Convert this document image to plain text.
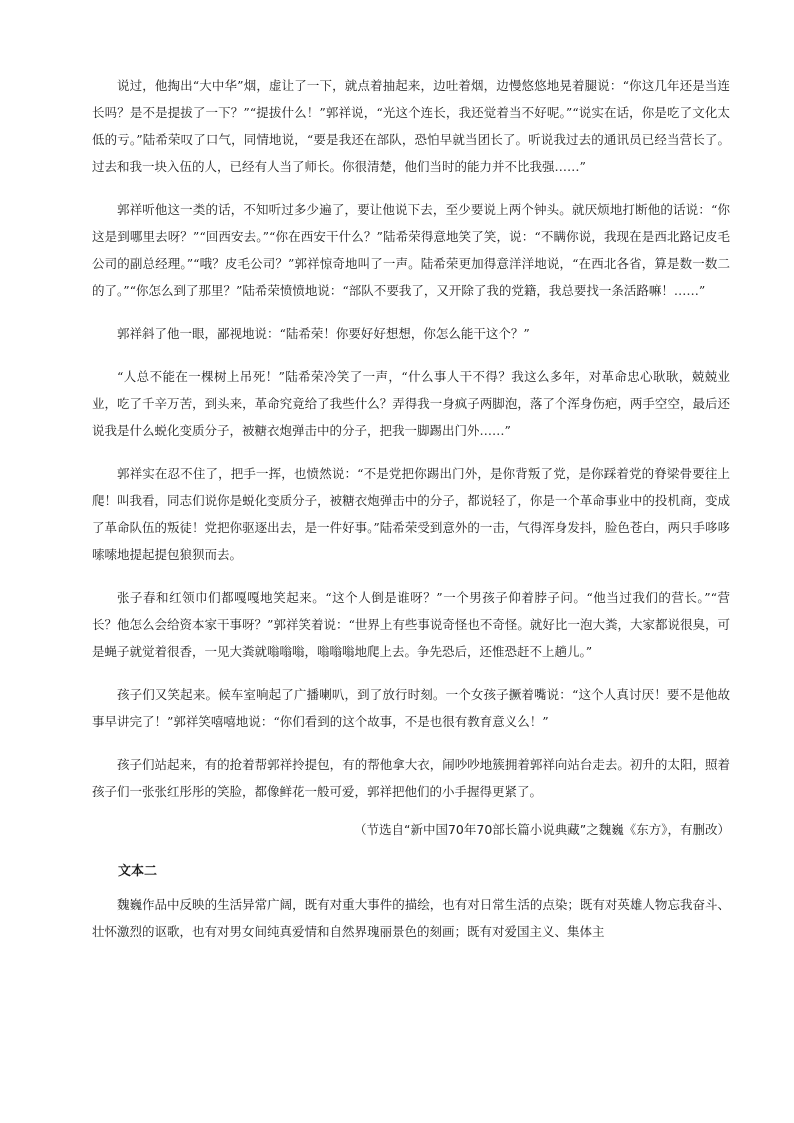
说过，他掏出“大中华”烟，虚让了一下，就点着抽起来，边吐着烟，边慢悠悠地晃着腿说：“你这几年还是当连长吗？是不是提拔了一下？”“提拔什么！”郭祥说，“光这个连长，我还觉着当不好呢。”“说实在话，你是吃了文化太低的亏。”陆希荣叹了口气，同情地说，“要是我还在部队，恐怕早就当团长了。听说我过去的通讯员已经当营长了。过去和我一块入伍的人，已经有人当了师长。你很清楚，他们当时的能力并不比我强……”

郭祥听他这一类的话，不知听过多少遍了，要让他说下去，至少要说上两个钟头。就厌烦地打断他的话说：“你这是到哪里去呀？”“回西安去。”“你在西安干什么？”陆希荣得意地笑了笑，说：“不瞒你说，我现在是西北路记皮毛公司的副总经理。”“哦？皮毛公司？”郭祥惊奇地叫了一声。陆希荣更加得意洋洋地说，“在西北各省，算是数一数二的了。”“你怎么到了那里？”陆希荣愤愤地说：“部队不要我了，又开除了我的党籍，我总要找一条活路嘛！……”

郭祥斜了他一眼，鄙视地说：“陆希荣！你要好好想想，你怎么能干这个？”

“人总不能在一棵树上吊死！”陆希荣冷笑了一声，“什么事人干不得？我这么多年，对革命忠心耿耿，兢兢业业，吃了千辛万苦，到头来，革命究竟给了我些什么？弄得我一身疯子两脚泡，落了个浑身伤疤，两手空空，最后还说我是什么蜕化变质分子，被糖衣炮弹击中的分子，把我一脚踢出门外……”

郭祥实在忍不住了，把手一挥，也愤然说：“不是党把你踢出门外，是你背叛了党，是你踩着党的脊梁骨要往上爬！叫我看，同志们说你是蜕化变质分子，被糖衣炮弹击中的分子，都说轻了，你是一个革命事业中的投机商，变成了革命队伍的叛徒！党把你驱逐出去，是一件好事。”陆希荣受到意外的一击，气得浑身发抖，脸色苍白，两只手哆哆嗦嗦地提起提包狼狈而去。

张子春和红领巾们都嘎嘎地笑起来。“这个人倒是谁呀？”一个男孩子仰着脖子问。“他当过我们的营长。”“营长？他怎么会给资本家干事呀？”郭祥笑着说：“世界上有些事说奇怪也不奇怪。就好比一泡大粪，大家都说很臭，可是蝇子就觉着很香，一见大粪就嗡嗡嗡，嗡嗡嗡地爬上去。争先恐后，还惟恐赶不上趟儿。”

孩子们又笑起来。候车室响起了广播喇叭，到了放行时刻。一个女孩子撅着嘴说：“这个人真讨厌！要不是他故事早讲完了！”郭祥笑嘻嘻地说：“你们看到的这个故事，不是也很有教育意义么！”

孩子们站起来，有的抢着帮郭祥拎提包，有的帮他拿大衣，闹吵吵地簇拥着郭祥向站台走去。初升的太阳，照着孩子们一张张红彤彤的笑脸，都像鲜花一般可爱，郭祥把他们的小手握得更紧了。

（节选自“新中国70年70部长篇小说典藏”之魏巍《东方》，有删改）

文本二

魏巍作品中反映的生活异常广阔，既有对重大事件的描绘，也有对日常生活的点染；既有对英雄人物忘我奋斗、壮怀激烈的讴歌，也有对男女间纯真爱情和自然界瑰丽景色的刻画；既有对爱国主义、集体主
